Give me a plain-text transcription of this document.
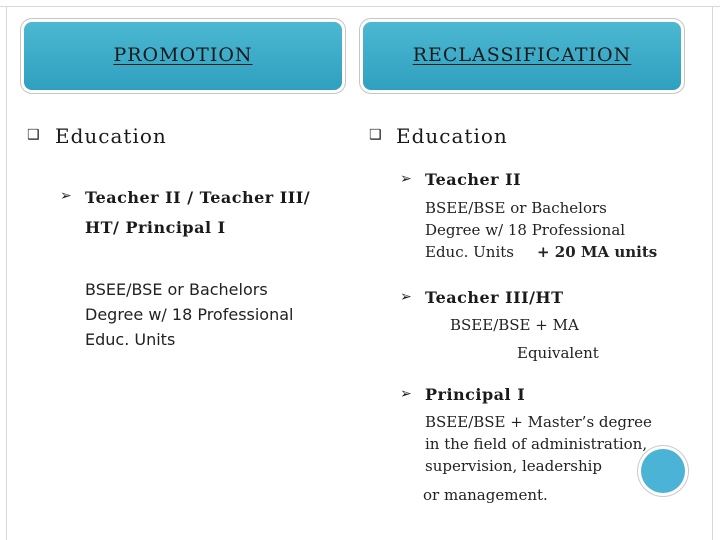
PROMOTION	RECLASSIFICATION
❑ Education
➢ Teacher II / Teacher III/
HT/ Principal I
BSEE/BSE or Bachelors
Degree w/ 18 Professional
Educ. Units
❑ Education
➢ Teacher II
BSEE/BSE or Bachelors
Degree w/ 18 Professional
Educ. Units + 20 MA units
➢ Teacher III/HT
BSEE/BSE + MA
Equivalent
➢ Principal I
BSEE/BSE + Master’s degree
in the field of administration,
supervision, leadership
or management.
